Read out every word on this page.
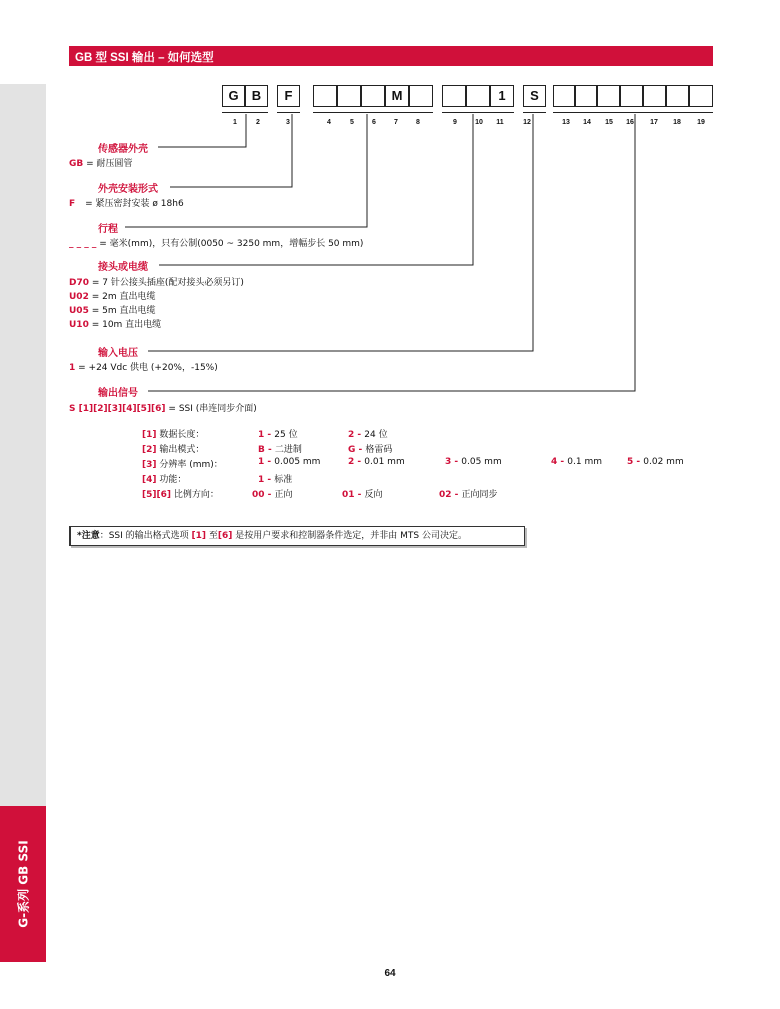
G-系列 GB SSI
GB 型 SSI 输出 – 如何选型
G	B	F	M	1	S
1	2	3	4	5	6	7	8	9	10	11	12	13	14	15	16	17	18	19
传感器外壳
GB = 耐压圆管
外壳安装形式
F = 紧压密封安装 ø 18h6
行程
_ _ _ _ = 毫米(mm)，只有公制(0050 ~ 3250 mm，增幅步长 50 mm)
接头或电缆
D70 = 7 针公接头插座(配对接头必须另订)
U02 = 2m 直出电缆
U05 = 5m 直出电缆
U10 = 10m 直出电缆
输入电压
1 = +24 Vdc 供电 (+20%，-15%)
输出信号
S [1][2][3][4][5][6] = SSI (串连同步介面)
[1] 数据长度：	1 - 25 位	2 - 24 位
[2] 输出模式：	B - 二进制	G - 格雷码
[3] 分辨率 (mm)：	1 - 0.005 mm	2 - 0.01 mm	3 - 0.05 mm	4 - 0.1 mm	5 - 0.02 mm
[4] 功能：	1 - 标准
[5][6] 比例方向：	00 - 正向	01 - 反向	02 - 正向同步
*注意：SSI 的输出格式选项 [1] 至[6] 是按用户要求和控制器条件选定，并非由 MTS 公司决定。
64
